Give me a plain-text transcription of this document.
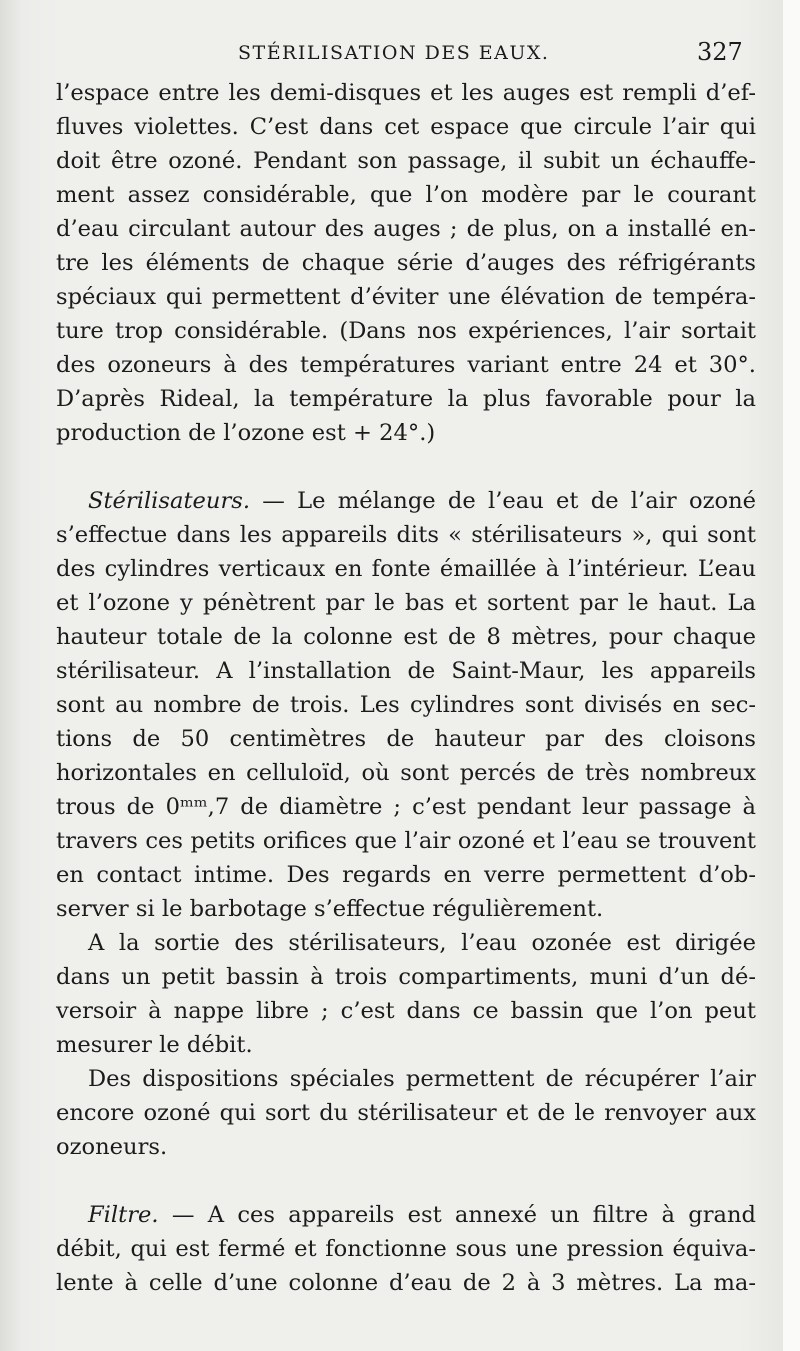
STÉRILISATION DES EAUX.	327
l’espace entre les demi-disques et les auges est rempli d’ef-
fluves violettes. C’est dans cet espace que circule l’air qui
doit être ozoné. Pendant son passage, il subit un échauffe-
ment assez considérable, que l’on modère par le courant
d’eau circulant autour des auges ; de plus, on a installé en-
tre les éléments de chaque série d’auges des réfrigérants
spéciaux qui permettent d’éviter une élévation de tempéra-
ture trop considérable. (Dans nos expériences, l’air sortait
des ozoneurs à des températures variant entre 24 et 30°.
D’après Rideal, la température la plus favorable pour la
production de l’ozone est + 24°.)
Stérilisateurs. — Le mélange de l’eau et de l’air ozoné
s’effectue dans les appareils dits « stérilisateurs », qui sont
des cylindres verticaux en fonte émaillée à l’intérieur. L’eau
et l’ozone y pénètrent par le bas et sortent par le haut. La
hauteur totale de la colonne est de 8 mètres, pour chaque
stérilisateur. A l’installation de Saint-Maur, les appareils
sont au nombre de trois. Les cylindres sont divisés en sec-
tions de 50 centimètres de hauteur par des cloisons
horizontales en celluloïd, où sont percés de très nombreux
trous de 0ᵐᵐ,7 de diamètre ; c’est pendant leur passage à
travers ces petits orifices que l’air ozoné et l’eau se trouvent
en contact intime. Des regards en verre permettent d’ob-
server si le barbotage s’effectue régulièrement.
A la sortie des stérilisateurs, l’eau ozonée est dirigée
dans un petit bassin à trois compartiments, muni d’un dé-
versoir à nappe libre ; c’est dans ce bassin que l’on peut
mesurer le débit.
Des dispositions spéciales permettent de récupérer l’air
encore ozoné qui sort du stérilisateur et de le renvoyer aux
ozoneurs.
Filtre. — A ces appareils est annexé un filtre à grand
débit, qui est fermé et fonctionne sous une pression équiva-
lente à celle d’une colonne d’eau de 2 à 3 mètres. La ma-
